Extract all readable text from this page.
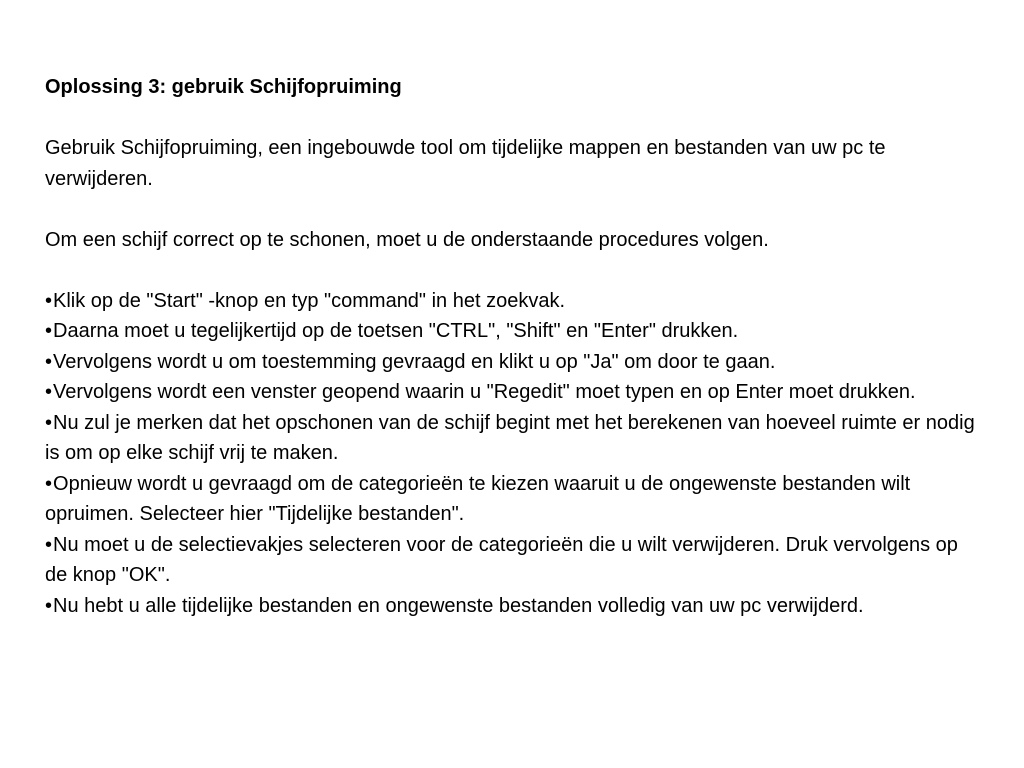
Oplossing 3: gebruik Schijfopruiming

Gebruik Schijfopruiming, een ingebouwde tool om tijdelijke mappen en bestanden van uw pc te verwijderen.

Om een schijf correct op te schonen, moet u de onderstaande procedures volgen.

•Klik op de "Start" -knop en typ "command" in het zoekvak.
•Daarna moet u tegelijkertijd op de toetsen "CTRL", "Shift" en "Enter" drukken.
•Vervolgens wordt u om toestemming gevraagd en klikt u op "Ja" om door te gaan.
•Vervolgens wordt een venster geopend waarin u "Regedit" moet typen en op Enter moet drukken.
•Nu zul je merken dat het opschonen van de schijf begint met het berekenen van hoeveel ruimte er nodig is om op elke schijf vrij te maken.
•Opnieuw wordt u gevraagd om de categorieën te kiezen waaruit u de ongewenste bestanden wilt opruimen. Selecteer hier "Tijdelijke bestanden".
•Nu moet u de selectievakjes selecteren voor de categorieën die u wilt verwijderen. Druk vervolgens op de knop "OK".
•Nu hebt u alle tijdelijke bestanden en ongewenste bestanden volledig van uw pc verwijderd.
